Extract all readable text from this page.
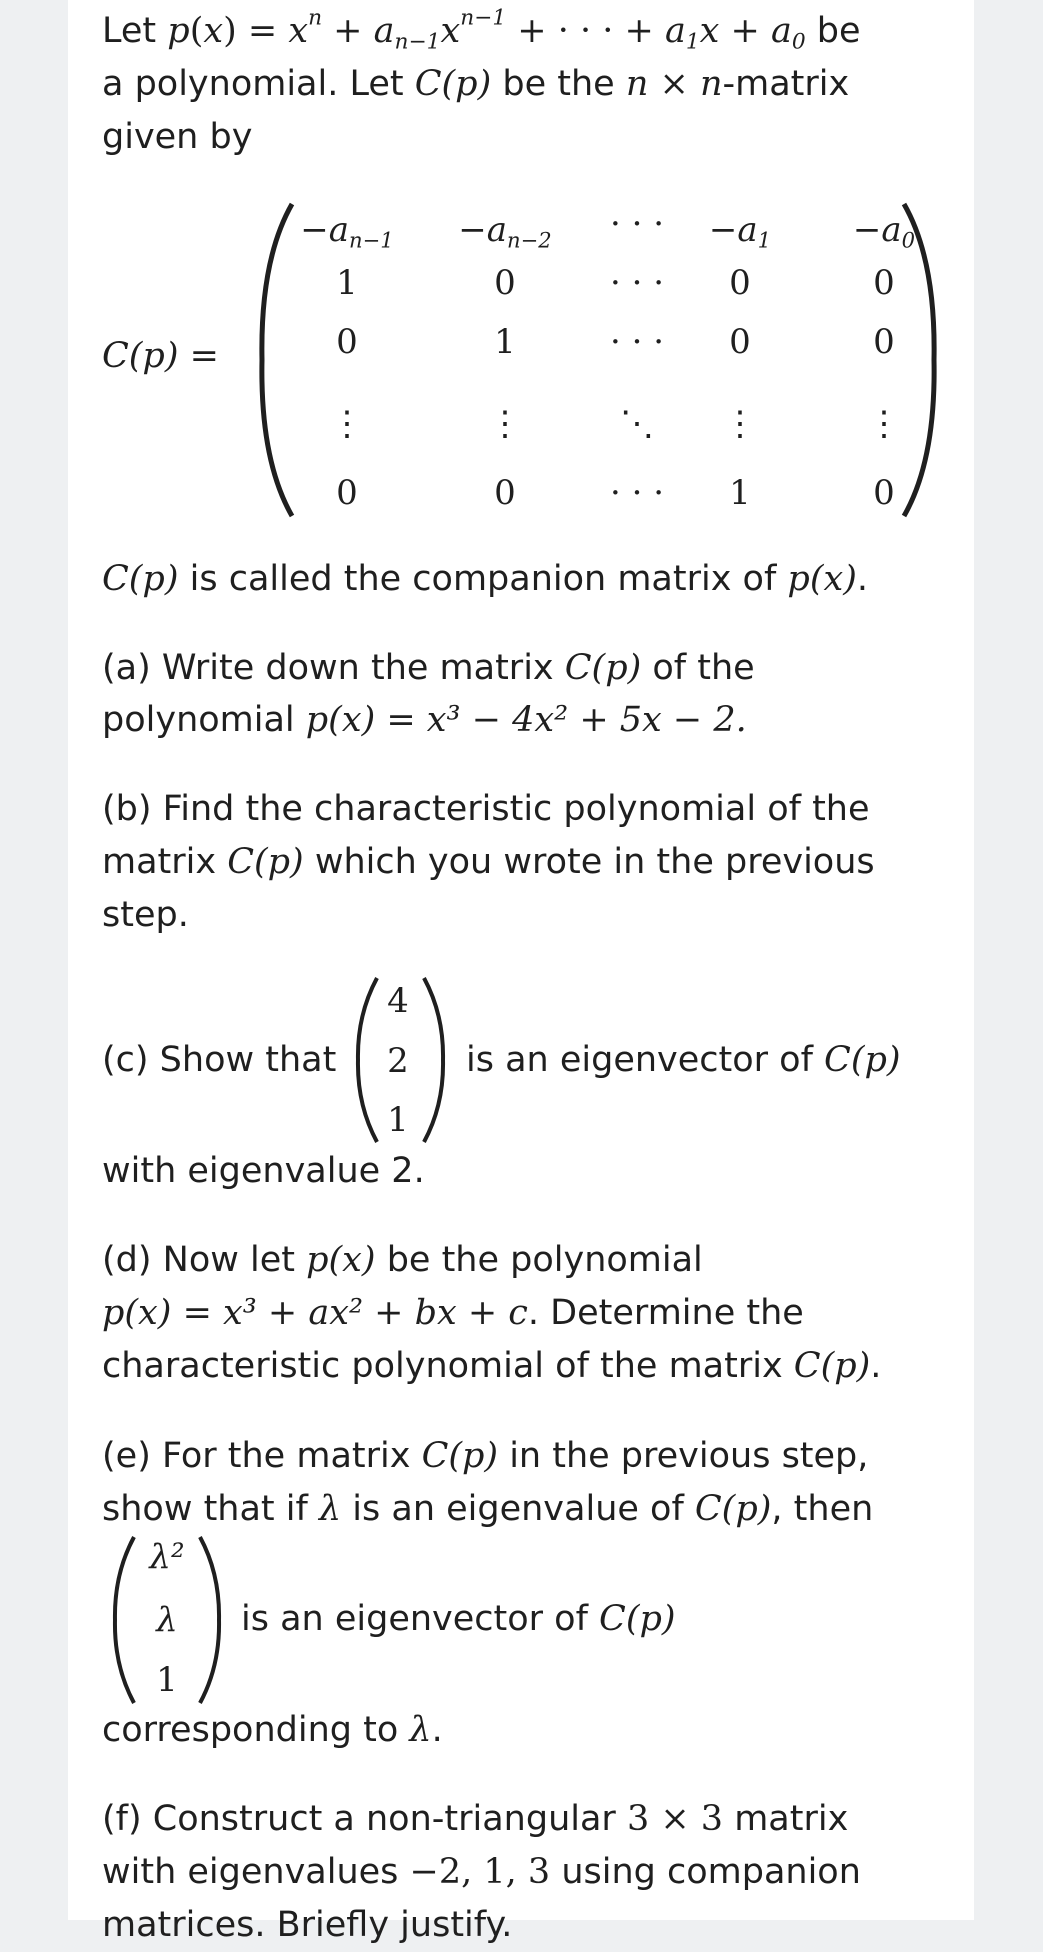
Let $p(x) = x^n + a_{n-1}x^{n-1}$ + · · · + $a_1x + a_0$ be
a polynomial. Let C(p) be the n × n-matrix
given by
C(p) =
$-a_{n-1}$	$-a_{n-2}$	· · ·	$-a_1$	$-a_0$
1	0	· · ·	0	0
0	1	· · ·	0	0
⋮	⋮	⋱	⋮	⋮
0	0	· · ·	1	0
C(p) is called the companion matrix of p(x).
(a) Write down the matrix C(p) of the
polynomial p(x) = x³ − 4x² + 5x − 2.
(b) Find the characteristic polynomial of the
matrix C(p) which you wrote in the previous
step.
(c) Show that
4
2
1
is an eigenvector of C(p)
with eigenvalue 2.
(d) Now let p(x) be the polynomial
p(x) = x³ + ax² + bx + c. Determine the
characteristic polynomial of the matrix C(p).
(e) For the matrix C(p) in the previous step,
show that if λ is an eigenvalue of C(p), then
λ²
λ
1
is an eigenvector of C(p)
corresponding to λ.
(f) Construct a non-triangular 3 × 3 matrix
with eigenvalues −2, 1, 3 using companion
matrices. Briefly justify.
